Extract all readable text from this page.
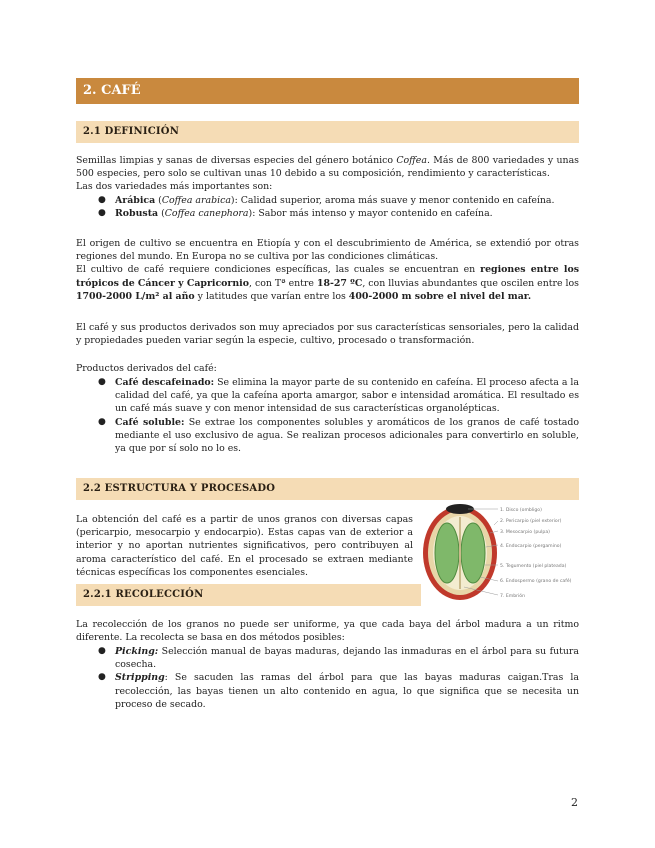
2. CAFÉ
2.1 DEFINICIÓN

Semillas limpias y sanas de diversas especies del género botánico Coffea. Más de 800 variedades y unas 500 especies, pero solo se cultivan unas 10 debido a su composición, rendimiento y características.

Las dos variedades más importantes son:

● Arábica (Coffea arabica): Calidad superior, aroma más suave y menor contenido en cafeína.
● Robusta (Coffea canephora): Sabor más intenso y mayor contenido en cafeína.

El origen de cultivo se encuentra en Etiopía y con el descubrimiento de América, se extendió por otras regiones del mundo. En Europa no se cultiva por las condiciones climáticas.

El cultivo de café requiere condiciones específicas, las cuales se encuentran en regiones entre los trópicos de Cáncer y Capricornio, con Tª entre 18-27 ºC, con lluvias abundantes que oscilen entre los 1700-2000 L/m² al año y latitudes que varían entre los 400-2000 m sobre el nivel del mar.

El café y sus productos derivados son muy apreciados por sus características sensoriales, pero la calidad y propiedades pueden variar según la especie, cultivo, procesado o transformación.

Productos derivados del café:

● Café descafeinado: Se elimina la mayor parte de su contenido en cafeína. El proceso afecta a la calidad del café, ya que la cafeína aporta amargor, sabor e intensidad aromática. El resultado es un café más suave y con menor intensidad de sus características organolépticas.
● Café soluble: Se extrae los componentes solubles y aromáticos de los granos de café tostado mediante el uso exclusivo de agua. Se realizan procesos adicionales para convertirlo en soluble, ya que por sí solo no lo es.
2.2 ESTRUCTURA Y PROCESADO

La obtención del café es a partir de unos granos con diversas capas (pericarpio, mesocarpio y endocarpio). Estas capas van de exterior a interior y no aportan nutrientes significativos, pero contribuyen al aroma característico del café. En el procesado se extraen mediante técnicas específicas los componentes esenciales.

1. Disco (ombligo)
2. Pericarpio (piel exterior)
3. Mesocarpio (pulpa)
4. Endocarpio (pergamino)
5. Tegumento (piel plateada)
6. Endospermo (grano de café)
7. Embrión
2.2.1 RECOLECCIÓN

La recolección de los granos no puede ser uniforme, ya que cada baya del árbol madura a un ritmo diferente. La recolecta se basa en dos métodos posibles:

● Picking: Selección manual de bayas maduras, dejando las inmaduras en el árbol para su futura cosecha.
● Stripping: Se sacuden las ramas del árbol para que las bayas maduras caigan.Tras la recolección, las bayas tienen un alto contenido en agua, lo que significa que se necesita un proceso de secado.
2
